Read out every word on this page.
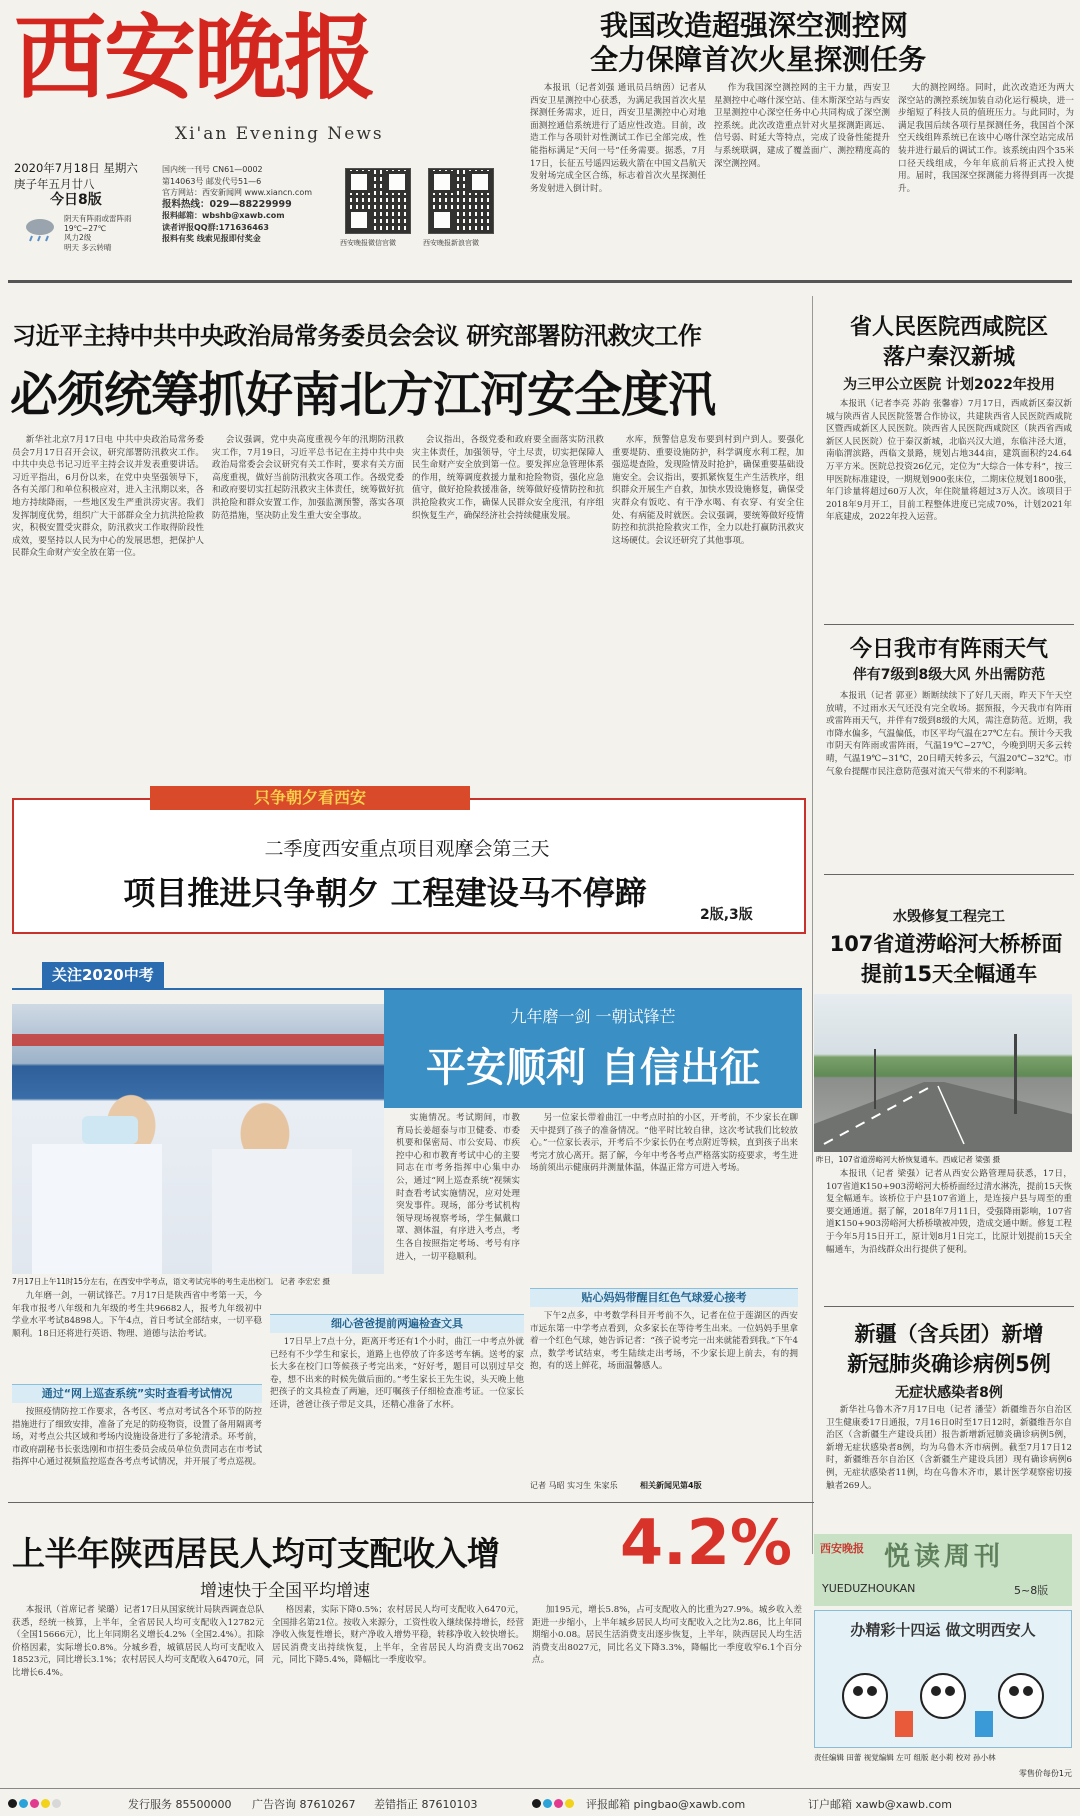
西安晚报
Xi'an Evening News
2020年7月18日 星期六
庚子年五月廿八
今日8版
阴天有阵雨或雷阵雨
19℃~27℃
风力2级
明天 多云转晴
国内统一刊号 CN61—0002
第14063号 邮发代号51—6
官方网站：西安新闻网 www.xiancn.com
报料热线：029—88229999
报料邮箱：wbshb@xawb.com
读者评报QQ群:171636463
报料有奖 线索见报即付奖金	西安晚报微信官微	西安晚报新浪官微
我国改造超强深空测控网
全力保障首次火星探测任务

本报讯（记者刘强 通讯员吕纳茵）记者从西安卫星测控中心获悉，为满足我国首次火星探测任务需求，近日，西安卫星测控中心对地面测控通信系统进行了适应性改造。目前，改造工作与各项针对性测试工作已全部完成，性能指标满足“天问一号”任务需要。据悉，7月17日，长征五号遥四运载火箭在中国文昌航天发射场完成全区合练，标志着首次火星探测任务发射进入倒计时。

作为我国深空测控网的主干力量，西安卫星测控中心喀什深空站、佳木斯深空站与西安卫星测控中心深空任务中心共同构成了深空测控系统。此次改造重点针对火星探测距离远、信号弱、时延大等特点，完成了设备性能提升与系统联调，建成了覆盖面广、测控精度高的深空测控网。

大的测控网络。同时，此次改造还为两大深空站的测控系统加装自动化运行模块，进一步缩短了科技人员的值班压力。与此同时，为满足我国后续各项行星探测任务，我国首个深空天线组阵系统已在该中心喀什深空站完成吊装并进行最后的调试工作。该系统由四个35米口径天线组成，今年年底前后将正式投入使用。届时，我国深空探测能力将得到再一次提升。

习近平主持中共中央政治局常务委员会会议 研究部署防汛救灾工作
必须统筹抓好南北方江河安全度汛
省人民医院西咸院区
落户秦汉新城
为三甲公立医院 计划2022年投用

本报讯（记者李亮 苏韵 张馨睿）7月17日，西咸新区秦汉新城与陕西省人民医院签署合作协议，共建陕西省人民医院西咸院区暨西咸新区人民医院。陕西省人民医院西咸院区（陕西省西咸新区人民医院）位于秦汉新城，北临兴汉大道，东临沣泾大道，南临渭滨路，西临文景路，规划占地344亩，建筑面积约24.64万平方米。医院总投资26亿元，定位为“大综合一体专科”，按三甲医院标准建设，一期规划900张床位，二期床位规划1800张，年门诊量将超过60万人次，年住院量将超过3万人次。该项目于2018年9月开工，目前工程整体进度已完成70%，计划2021年年底建成，2022年投入运营。

今日我市有阵雨天气
伴有7级到8级大风 外出需防范

本报讯（记者 郭亚）断断续续下了好几天雨，昨天下午天空放晴，不过雨水天气还没有完全收场。据预报，今天我市有阵雨或雷阵雨天气，并伴有7级到8级的大风，需注意防范。近期，我市降水偏多，气温偏低，市区平均气温在27℃左右。预计今天我市阴天有阵雨或雷阵雨，气温19℃~27℃，今晚到明天多云转晴，气温19℃~31℃，20日晴天转多云，气温20℃~32℃。市气象台提醒市民注意防范强对流天气带来的不利影响。

只争朝夕看西安
二季度西安重点项目观摩会第三天
项目推进只争朝夕 工程建设马不停蹄
2版,3版	水毁修复工程完工
107省道涝峪河大桥桥面
提前15天全幅通车
昨日，107省道涝峪河大桥恢复通车。西咸记者 梁强 摄

本报讯（记者 梁强）记者从西安公路管理局获悉，17日，107省道K150+903涝峪河大桥桥面经过清水淋洗，提前15天恢复全幅通车。该桥位于户县107省道上，是连接户县与周至的重要交通通道。据了解，2018年7月11日，受强降雨影响，107省道K150+903涝峪河大桥桥墩被冲毁，造成交通中断。修复工程于今年5月15日开工，原计划8月1日完工，比原计划提前15天全幅通车，为沿线群众出行提供了便利。

新疆（含兵团）新增
新冠肺炎确诊病例5例
无症状感染者8例

新华社乌鲁木齐7月17日电（记者 潘莹）新疆维吾尔自治区卫生健康委17日通报，7月16日0时至17日12时，新疆维吾尔自治区（含新疆生产建设兵团）报告新增新冠肺炎确诊病例5例，新增无症状感染者8例，均为乌鲁木齐市病例。截至7月17日12时，新疆维吾尔自治区（含新疆生产建设兵团）现有确诊病例6例，无症状感染者11例，均在乌鲁木齐市，累计医学观察密切接触者269人。

关注2020中考
九年磨一剑 一朝试锋芒
平安顺利 自信出征
7月17日上午11时15分左右，在西安中学考点，语文考试完毕的考生走出校门。 记者 李宏宏 摄

实施情况。考试期间，市教育局长姜超泰与市卫健委、市委机要和保密局、市公安局、市疾控中心和市教育考试中心的主要同志在市考务指挥中心集中办公，通过“网上巡查系统”视频实时查看考试实施情况，应对处理突发事件。现场，部分考试机构领导现场视察考场，学生佩戴口罩、测体温，有序进入考点，考生各自按照指定考场、考号有序进入，一切平稳顺利。

另一位家长带着曲江一中考点时拍的小区，开考前，不少家长在聊天中提到了孩子的准备情况。“他平时比较自律，这次考试我们比较放心。”一位家长表示，开考后不少家长仍在考点附近等候，直到孩子出来考完才放心离开。据了解，今年中考各考点严格落实防疫要求，考生进场前须出示健康码并测量体温，体温正常方可进入考场。

贴心妈妈带醒目红色气球爱心接考

下午2点多，中考数学科目开考前不久，记者在位于莲湖区的西安市远东第一中学考点看到，众多家长在等待考生出来。一位妈妈手里拿着一个红色气球，她告诉记者：“孩子说考完一出来就能看到我。”下午4点，数学考试结束，考生陆续走出考场，不少家长迎上前去，有的拥抱，有的送上鲜花，场面温馨感人。

相关新闻见第4版
记者 马昭 实习生 朱家乐

九年磨一剑，一朝试锋芒。7月17日是陕西省中考第一天，今年我市报考八年级和九年级的考生共96682人，报考九年级初中学业水平考试84898人。下午4点，首日考试全部结束，一切平稳顺利。18日还将进行英语、物理、道德与法治考试。

通过“网上巡查系统”实时查看考试情况

按照疫情防控工作要求，各考区、考点对考试各个环节的防控措施进行了细致安排，准备了充足的防疫物资，设置了备用隔离考场，对考点公共区域和考场内设施设备进行了多轮清杀。环考前，市政府副秘书长张选刚和市招生委员会成员单位负责同志在市考试指挥中心通过视频监控巡查各考点考试情况，并开展了考点巡视。

细心爸爸提前两遍检查文具

17日早上7点十分，距离开考还有1个小时，曲江一中考点外就已经有不少学生和家长，道路上也停放了许多送考车辆。送考的家长大多在校门口等候孩子考完出来，“好好考，题目可以别过早交卷，想不出来的时候先做后面的。”考生家长王先生说，头天晚上他把孩子的文具检查了两遍，还叮嘱孩子仔细检查准考证。一位家长还讲，爸爸让孩子带足文具，还精心准备了水杯。

上半年陕西居民人均可支配收入增 4.2%
增速快于全国平均增速

本报讯（首席记者 梁璐）记者17日从国家统计局陕西调查总队获悉，经统一核算，上半年，全省居民人均可支配收入12782元（全国15666元），比上年同期名义增长4.2%（全国2.4%）。扣除价格因素，实际增长0.8%。分城乡看，城镇居民人均可支配收入18523元，同比增长3.1%；农村居民人均可支配收入6470元，同比增长6.4%。

格因素，实际下降0.5%；农村居民人均可支配收入6470元，全国排名第21位。按收入来源分，工资性收入继续保持增长，经营净收入恢复性增长，财产净收入增势平稳，转移净收入较快增长。居民消费支出持续恢复，上半年，全省居民人均消费支出7062元，同比下降5.4%，降幅比一季度收窄。

加195元，增长5.8%，占可支配收入的比重为27.9%。城乡收入差距进一步缩小，上半年城乡居民人均可支配收入之比为2.86，比上年同期缩小0.08。居民生活消费支出逐步恢复，上半年，陕西居民人均生活消费支出8027元，同比名义下降3.3%，降幅比一季度收窄6.1个百分点。

西安晚报 悦读周刊
YUEDUZHOUKAN	5~8版
办精彩十四运 做文明西安人
责任编辑 田蕾 视觉编辑 左可 组版 赵小莉 校对 孙小林
零售价每份1元
发行服务 85500000 广告咨询 87610267 差错指正 87610103	评报邮箱 pingbao@xawb.com	订户邮箱 xawb@xawb.com

新华社北京7月17日电 中共中央政治局常务委员会7月17日召开会议，研究部署防汛救灾工作。中共中央总书记习近平主持会议并发表重要讲话。习近平指出，6月份以来，在党中央坚强领导下，各有关部门和单位积极应对，进入主汛期以来，各地方持续降雨，一些地区发生严重洪涝灾害。我们发挥制度优势，组织广大干部群众全力抗洪抢险救灾，积极安置受灾群众，防汛救灾工作取得阶段性成效，要坚持以人民为中心的发展思想，把保护人民群众生命财产安全放在第一位。

会议强调，党中央高度重视今年的汛期防汛救灾工作，7月19日，习近平总书记在主持中共中央政治局常委会会议研究有关工作时，要求有关方面高度重视，做好当前防汛救灾各项工作。各级党委和政府要切实扛起防汛救灾主体责任，统筹做好抗洪抢险和群众安置工作，加强监测预警，落实各项防范措施，坚决防止发生重大安全事故。

会议指出，各级党委和政府要全面落实防汛救灾主体责任，加强领导，守土尽责，切实把保障人民生命财产安全放到第一位。要发挥应急管理体系的作用，统筹调度救援力量和抢险物资，强化应急值守，做好抢险救援准备，统筹做好疫情防控和抗洪抢险救灾工作，确保人民群众安全度汛，有序组织恢复生产，确保经济社会持续健康发展。

水库，预警信息发布要到村到户到人。要强化重要堤防、重要设施防护，科学调度水利工程，加强巡堤查险，发现险情及时抢护，确保重要基础设施安全。会议指出，要抓紧恢复生产生活秩序，组织群众开展生产自救，加快水毁设施修复，确保受灾群众有饭吃、有干净水喝、有衣穿、有安全住处、有病能及时就医。会议强调，要统筹做好疫情防控和抗洪抢险救灾工作，全力以赴打赢防汛救灾这场硬仗。会议还研究了其他事项。
